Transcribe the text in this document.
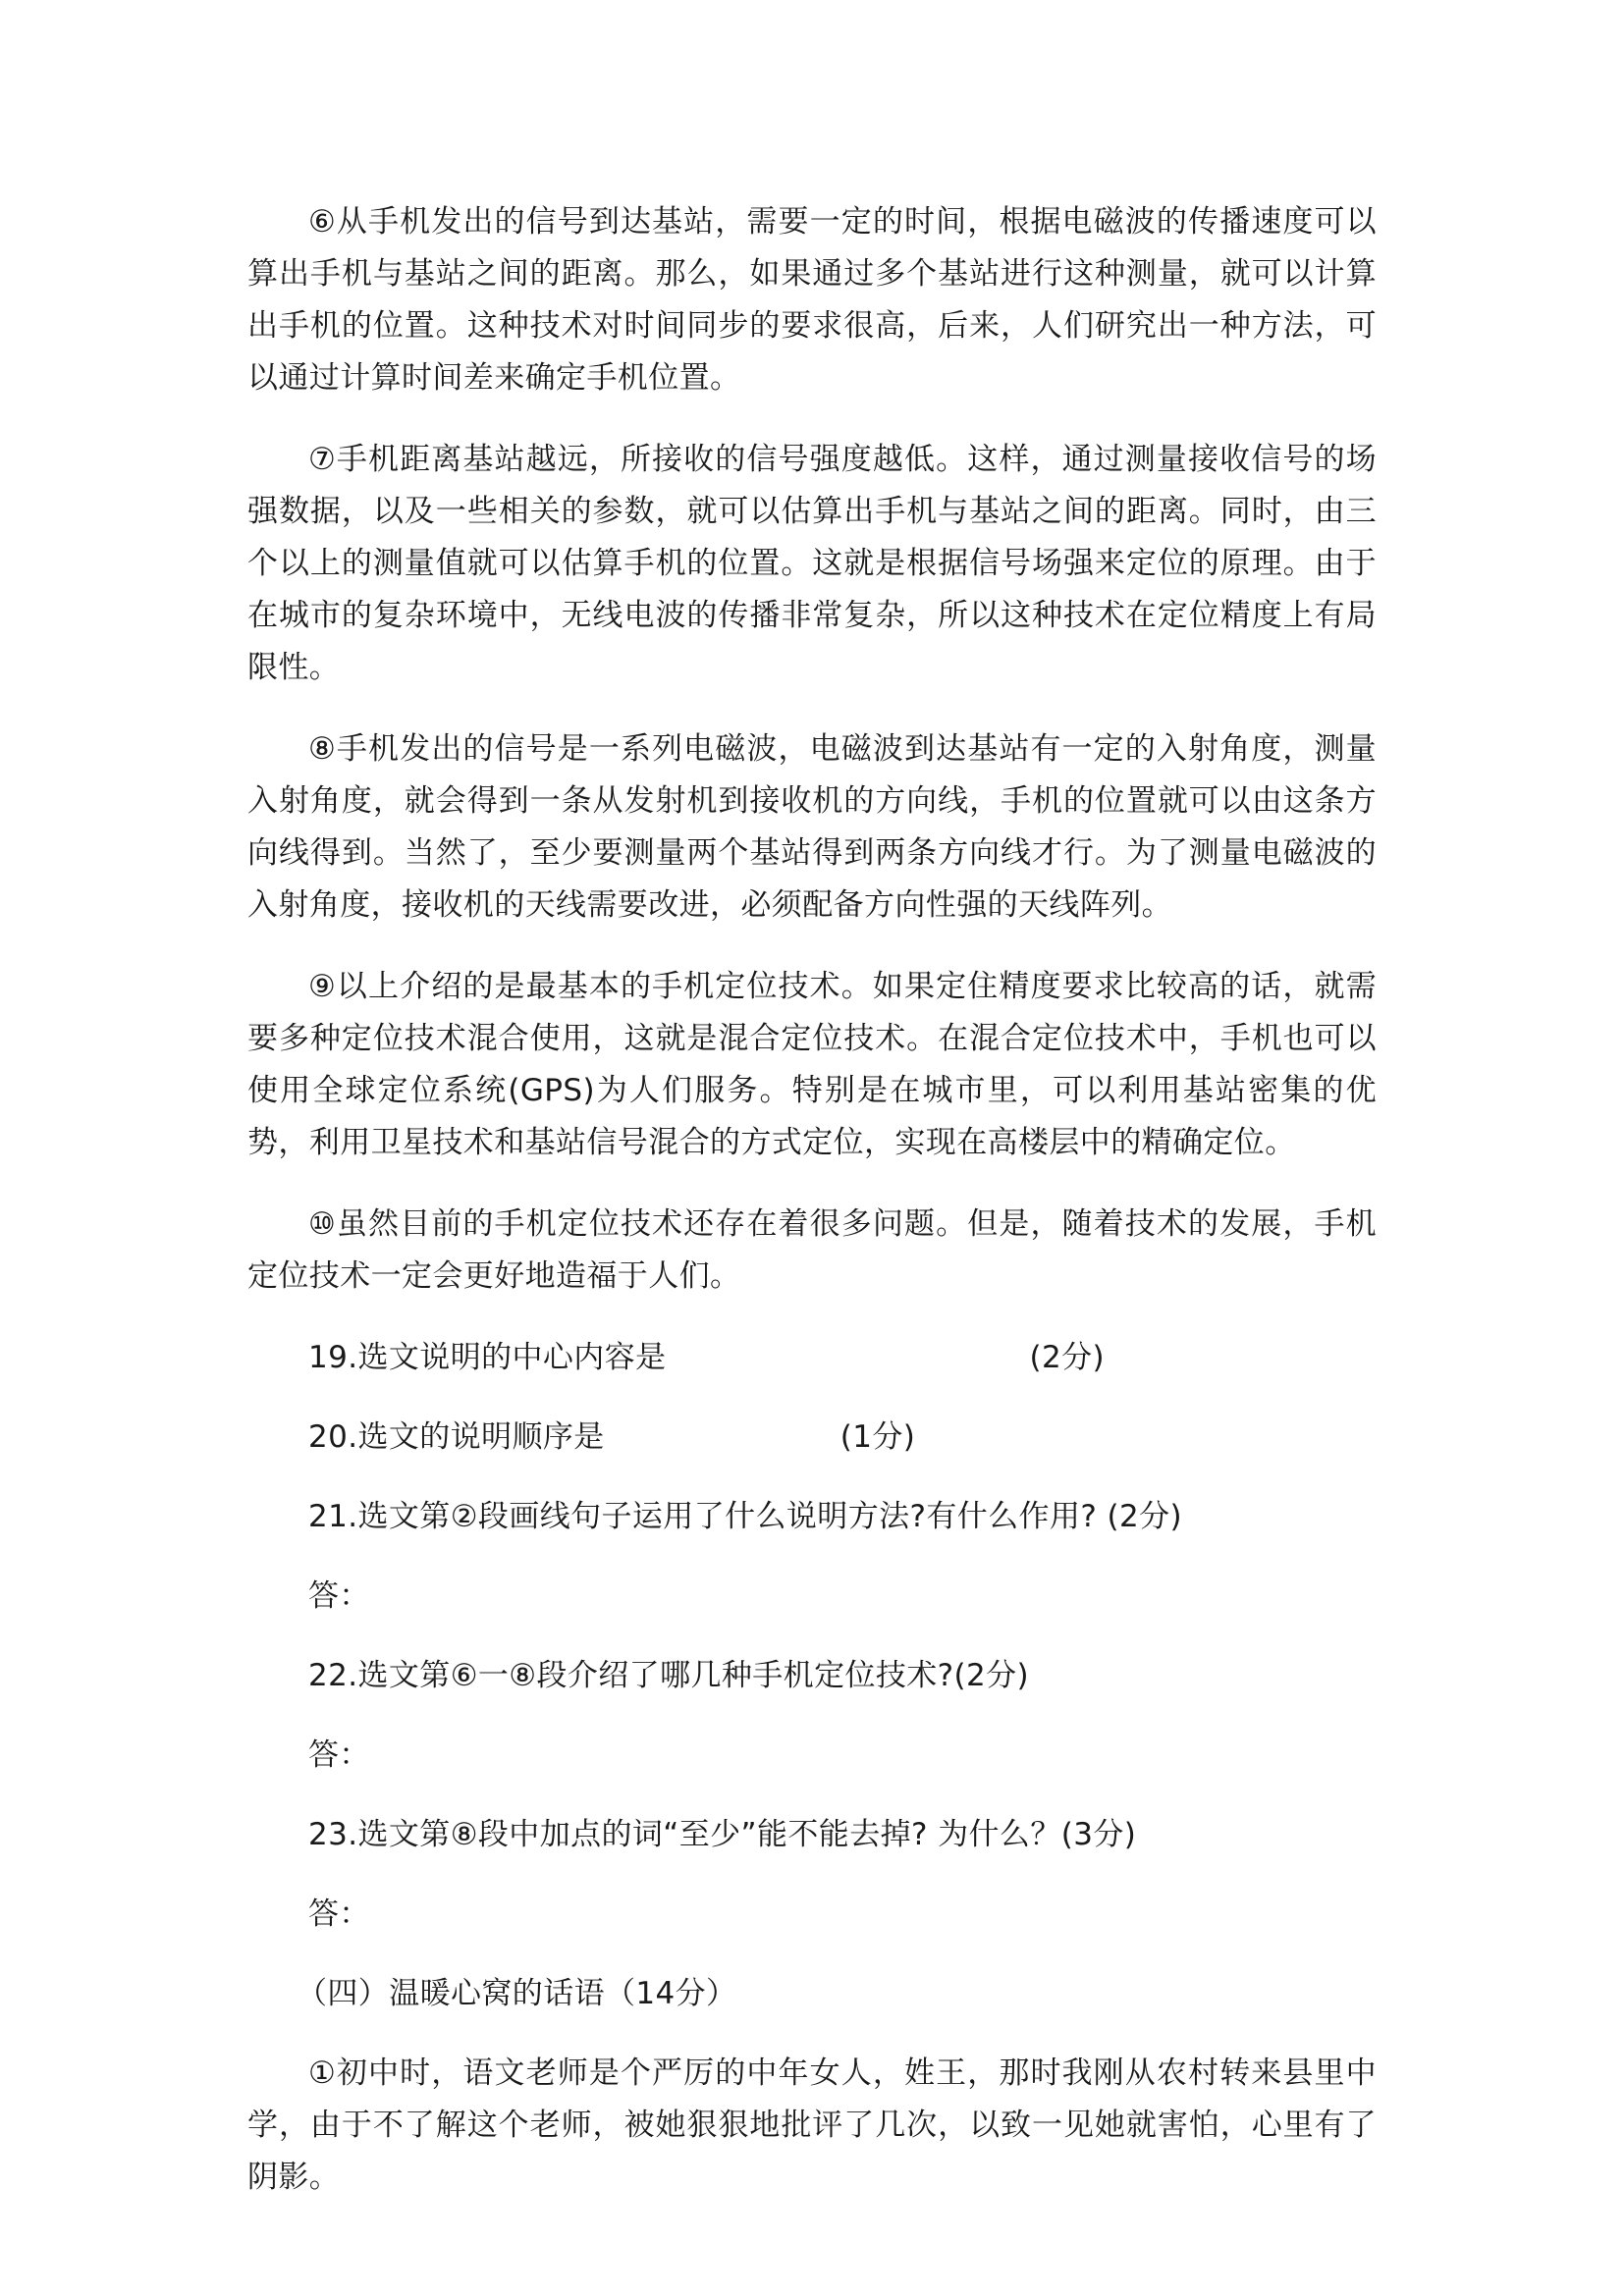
⑥从手机发出的信号到达基站，需要一定的时间，根据电磁波的传播速度可以算出手机与基站之间的距离。那么，如果通过多个基站进行这种测量，就可以计算出手机的位置。这种技术对时间同步的要求很高，后来，人们研究出一种方法，可以通过计算时间差来确定手机位置。

⑦手机距离基站越远，所接收的信号强度越低。这样，通过测量接收信号的场强数据，以及一些相关的参数，就可以估算出手机与基站之间的距离。同时，由三个以上的测量值就可以估算手机的位置。这就是根据信号场强来定位的原理。由于在城市的复杂环境中，无线电波的传播非常复杂，所以这种技术在定位精度上有局限性。

⑧手机发出的信号是一系列电磁波，电磁波到达基站有一定的入射角度，测量入射角度，就会得到一条从发射机到接收机的方向线，手机的位置就可以由这条方向线得到。当然了，至少要测量两个基站得到两条方向线才行。为了测量电磁波的入射角度，接收机的天线需要改进，必须配备方向性强的天线阵列。

⑨以上介绍的是最基本的手机定位技术。如果定住精度要求比较高的话，就需要多种定位技术混合使用，这就是混合定位技术。在混合定位技术中，手机也可以使用全球定位系统(GPS)为人们服务。特别是在城市里，可以利用基站密集的优势，利用卫星技术和基站信号混合的方式定位，实现在高楼层中的精确定位。

⑩虽然目前的手机定位技术还存在着很多问题。但是，随着技术的发展，手机定位技术一定会更好地造福于人们。

19.选文说明的中心内容是	(2分)
20.选文的说明顺序是	(1分)
21.选文第②段画线句子运用了什么说明方法?有什么作用? (2分)
答：
22.选文第⑥一⑧段介绍了哪几种手机定位技术?(2分)
答：
23.选文第⑧段中加点的词“至少”能不能去掉? 为什么？(3分)
答：
（四）温暖心窝的话语（14分）

①初中时，语文老师是个严厉的中年女人，姓王，那时我刚从农村转来县里中学，由于不了解这个老师，被她狠狠地批评了几次，以致一见她就害怕，心里有了阴影。
